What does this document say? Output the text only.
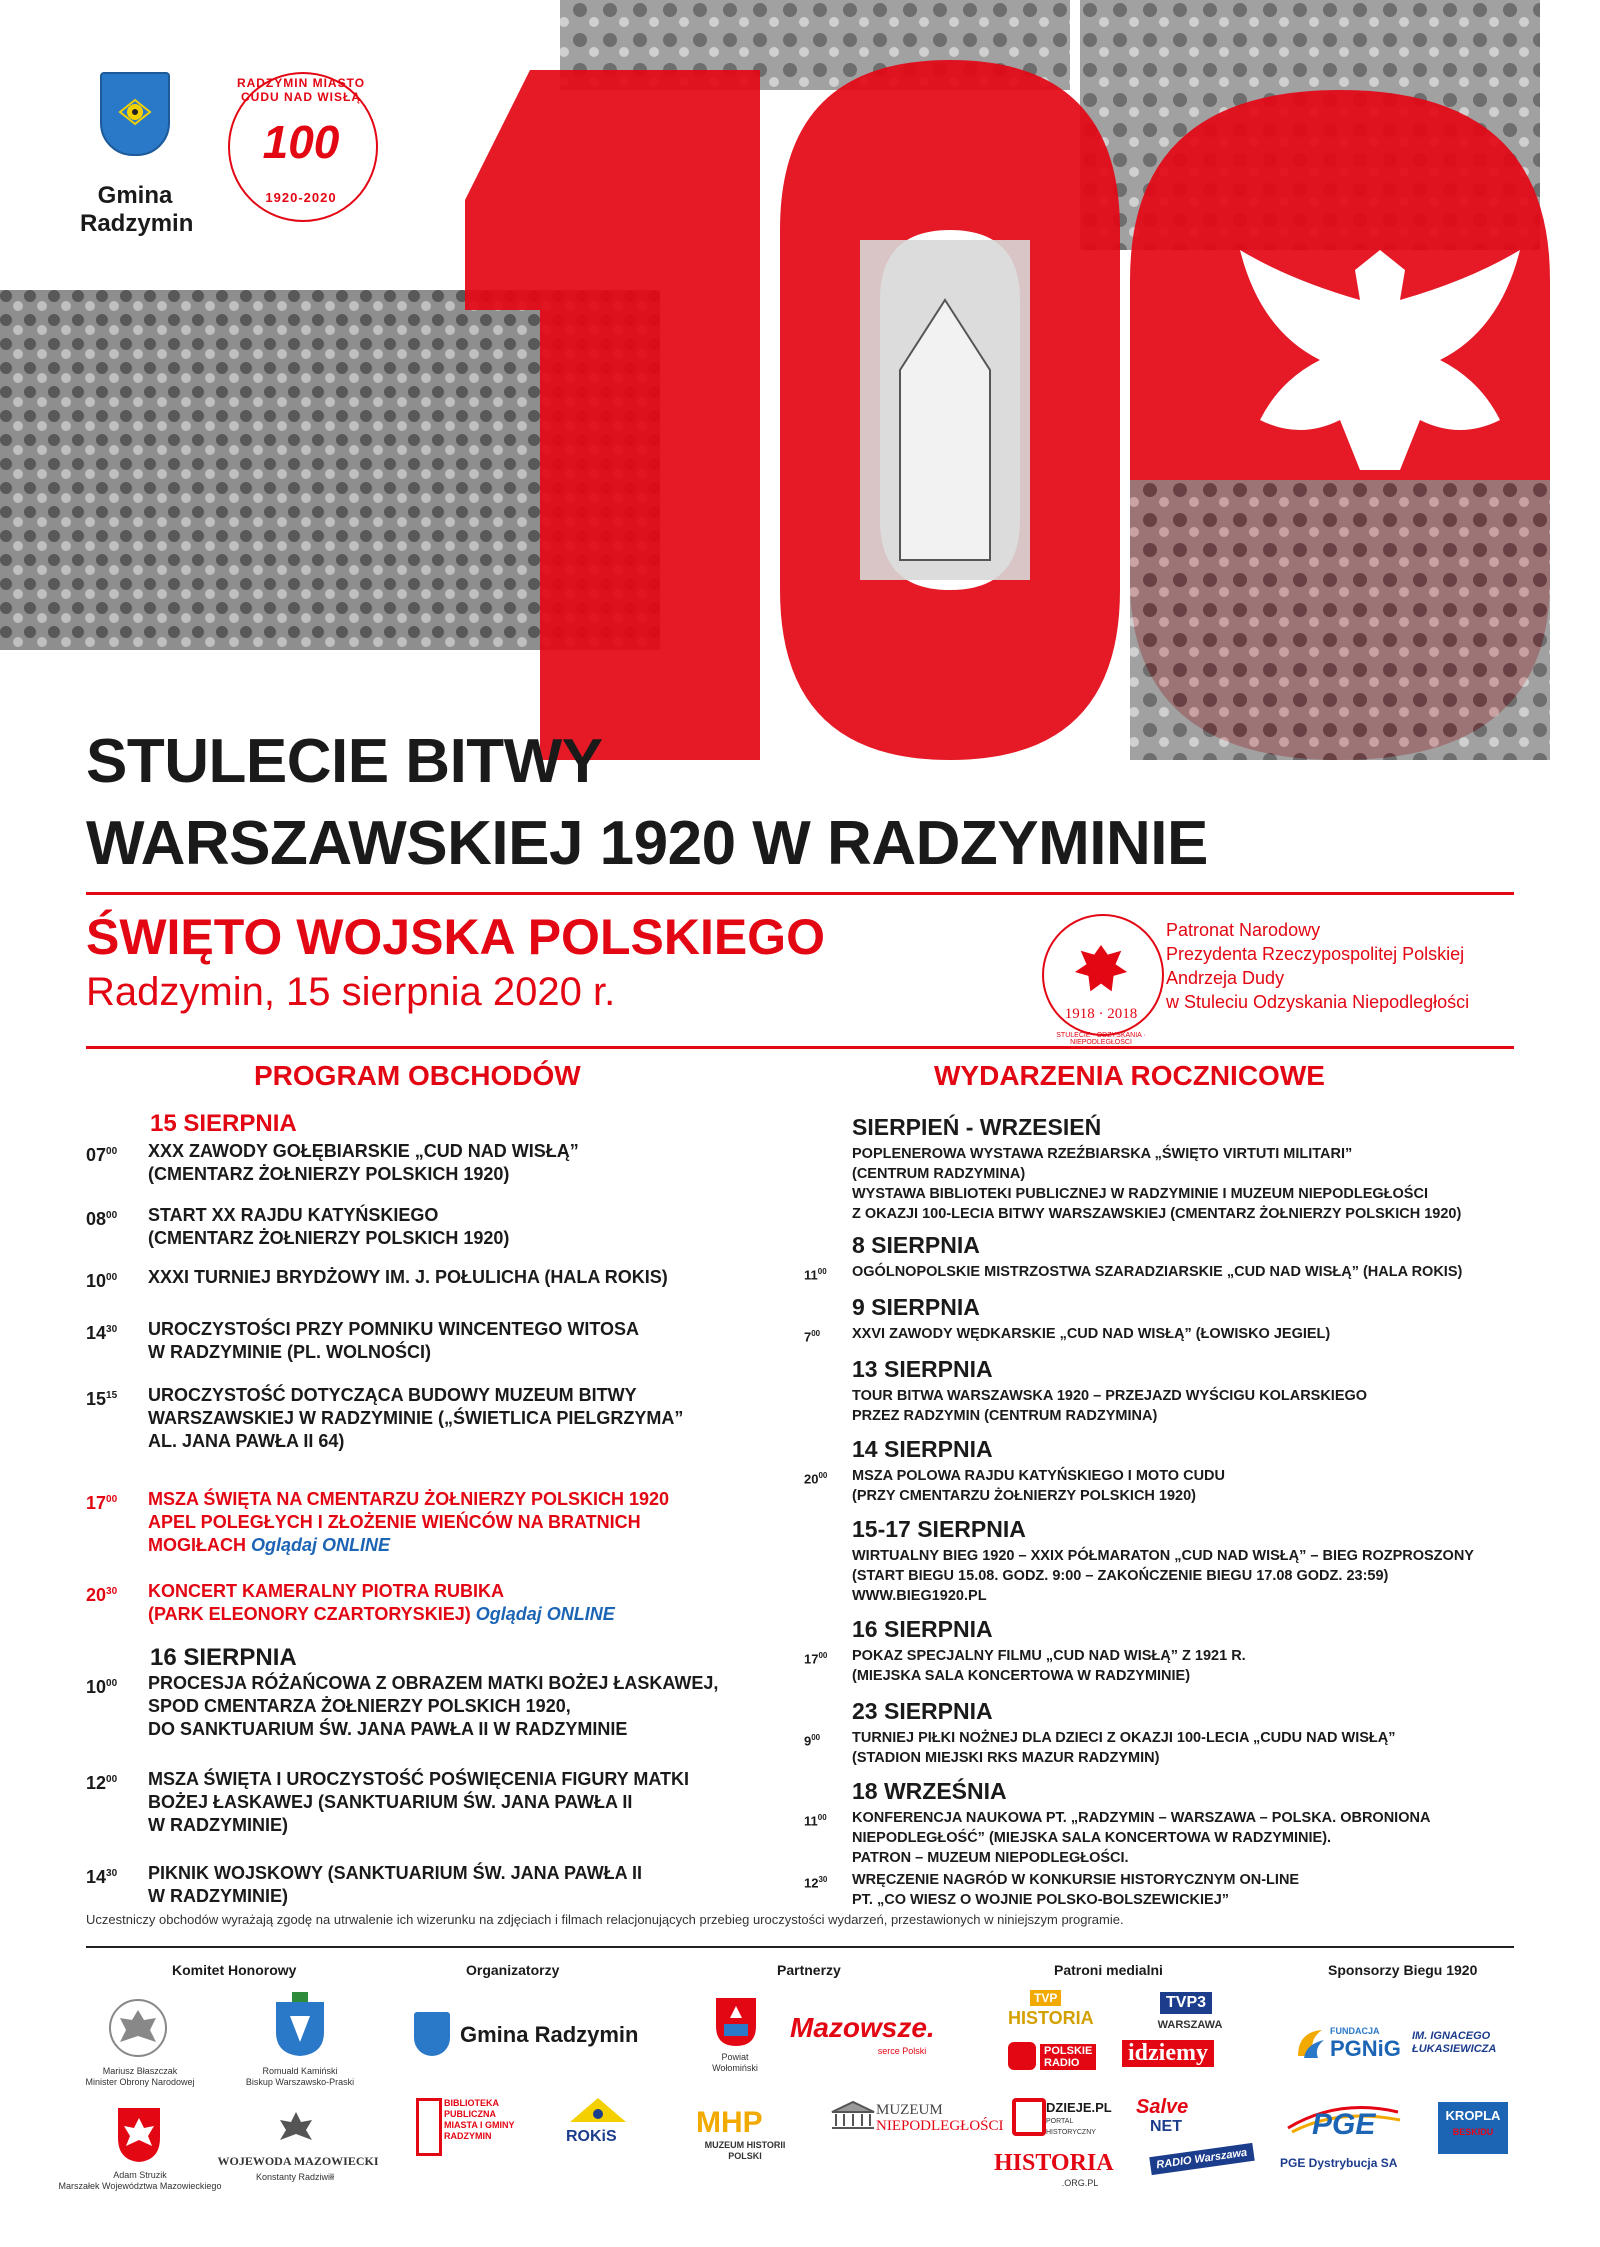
Gmina
Radzymin
RADZYMIN MIASTO CUDU NAD WISŁĄ
100
1920-2020
STULECIE BITWY
WARSZAWSKIEJ 1920 W RADZYMINIE
ŚWIĘTO WOJSKA POLSKIEGO
Radzymin, 15 sierpnia 2020 r.	1918 · 2018
STULECIE · ODZYSKANIA · NIEPODLEGŁOŚCI
Patronat Narodowy
Prezydenta Rzeczypospolitej Polskiej
Andrzeja Dudy
w Stuleciu Odzyskania Niepodległości
PROGRAM OBCHODÓW
15 SIERPNIA
$07^{00}$ XXX ZAWODY GOŁĘBIARSKIE „CUD NAD WISŁĄ”
(CMENTARZ ŻOŁNIERZY POLSKICH 1920)
$08^{00}$ START XX RAJDU KATYŃSKIEGO
(CMENTARZ ŻOŁNIERZY POLSKICH 1920)
$10^{00}$ XXXI TURNIEJ BRYDŻOWY IM. J. POŁULICHA (HALA ROKIS)
$14^{30}$ UROCZYSTOŚCI PRZY POMNIKU WINCENTEGO WITOSA
W RADZYMINIE (PL. WOLNOŚCI)
$15^{15}$ UROCZYSTOŚĆ DOTYCZĄCA BUDOWY MUZEUM BITWY
WARSZAWSKIEJ W RADZYMINIE („ŚWIETLICA PIELGRZYMA”
AL. JANA PAWŁA II 64)
$17^{00}$ MSZA ŚWIĘTA NA CMENTARZU ŻOŁNIERZY POLSKICH 1920
APEL POLEGŁYCH I ZŁOŻENIE WIEŃCÓW NA BRATNICH
MOGIŁACH Oglądaj ONLINE
$20^{30}$ KONCERT KAMERALNY PIOTRA RUBIKA
(PARK ELEONORY CZARTORYSKIEJ) Oglądaj ONLINE
16 SIERPNIA
$10^{00}$ PROCESJA RÓŻAŃCOWA Z OBRAZEM MATKI BOŻEJ ŁASKAWEJ,
SPOD CMENTARZA ŻOŁNIERZY POLSKICH 1920,
DO SANKTUARIUM ŚW. JANA PAWŁA II W RADZYMINIE
$12^{00}$ MSZA ŚWIĘTA I UROCZYSTOŚĆ POŚWIĘCENIA FIGURY MATKI
BOŻEJ ŁASKAWEJ (SANKTUARIUM ŚW. JANA PAWŁA II
W RADZYMINIE)
$14^{30}$ PIKNIK WOJSKOWY (SANKTUARIUM ŚW. JANA PAWŁA II
W RADZYMINIE)
WYDARZENIA ROCZNICOWE
SIERPIEŃ - WRZESIEŃ
POPLENEROWA WYSTAWA RZEŹBIARSKA „ŚWIĘTO VIRTUTI MILITARI”
(CENTRUM RADZYMINA)
WYSTAWA BIBLIOTEKI PUBLICZNEJ W RADZYMINIE I MUZEUM NIEPODLEGŁOŚCI
Z OKAZJI 100-LECIA BITWY WARSZAWSKIEJ (CMENTARZ ŻOŁNIERZY POLSKICH 1920)
8 SIERPNIA
$11^{00}$ OGÓLNOPOLSKIE MISTRZOSTWA SZARADZIARSKIE „CUD NAD WISŁĄ” (HALA ROKIS)
9 SIERPNIA
$7^{00}$ XXVI ZAWODY WĘDKARSKIE „CUD NAD WISŁĄ” (ŁOWISKO JEGIEL)
13 SIERPNIA
TOUR BITWA WARSZAWSKA 1920 – PRZEJAZD WYŚCIGU KOLARSKIEGO
PRZEZ RADZYMIN (CENTRUM RADZYMINA)
14 SIERPNIA
$20^{00}$ MSZA POLOWA RAJDU KATYŃSKIEGO I MOTO CUDU
(PRZY CMENTARZU ŻOŁNIERZY POLSKICH 1920)
15-17 SIERPNIA
WIRTUALNY BIEG 1920 – XXIX PÓŁMARATON „CUD NAD WISŁĄ” – BIEG ROZPROSZONY
(START BIEGU 15.08. GODZ. 9:00 – ZAKOŃCZENIE BIEGU 17.08 GODZ. 23:59)
WWW.BIEG1920.PL
16 SIERPNIA
$17^{00}$ POKAZ SPECJALNY FILMU „CUD NAD WISŁĄ” Z 1921 R.
(MIEJSKA SALA KONCERTOWA W RADZYMINIE)
23 SIERPNIA
$9^{00}$ TURNIEJ PIŁKI NOŻNEJ DLA DZIECI Z OKAZJI 100-LECIA „CUDU NAD WISŁĄ”
(STADION MIEJSKI RKS MAZUR RADZYMIN)
18 WRZEŚNIA
$11^{00}$ KONFERENCJA NAUKOWA PT. „RADZYMIN – WARSZAWA – POLSKA. OBRONIONA
NIEPODLEGŁOŚĆ” (MIEJSKA SALA KONCERTOWA W RADZYMINIE).
PATRON – MUZEUM NIEPODLEGŁOŚCI.
$12^{30}$ WRĘCZENIE NAGRÓD W KONKURSIE HISTORYCZNYM ON-LINE
PT. „CO WIESZ O WOJNIE POLSKO-BOLSZEWICKIEJ”
Uczestniczy obchodów wyrażają zgodę na utrwalenie ich wizerunku na zdjęciach i filmach relacjonujących przebieg uroczystości wydarzeń, przestawionych w niniejszym programie.
Komitet Honorowy	Organizatorzy	Partnerzy	Patroni medialni	Sponsorzy Biegu 1920
Mariusz Błaszczak
Minister Obrony Narodowej
Romuald Kamiński
Biskup Warszawsko-Praski
Adam Struzik
Marszałek Województwa Mazowieckiego
WOJEWODA MAZOWIECKI
Konstanty Radziwiłł
Gmina Radzymin
BIBLIOTEKA
PUBLICZNA
MIASTA I GMINY
RADZYMIN	ROKiS
Powiat
Wołomiński
Mazowsze.
serce Polski
MHP
MUZEUM HISTORII POLSKI
MUZEUM
NIEPODLEGŁOŚCI
TVP
HISTORIA
TVP3
WARSZAWA
POLSKIE
RADIO	idziemy
DZIEJE.PL
PORTAL HISTORYCZNY
Salve
NET
HISTORIA
.ORG.PL
RADIO Warszawa
FUNDACJA
PGNiG IM. IGNACEGO
ŁUKASIEWICZA
PGE
PGE Dystrybucja SA
KROPLA
BESKIDU
